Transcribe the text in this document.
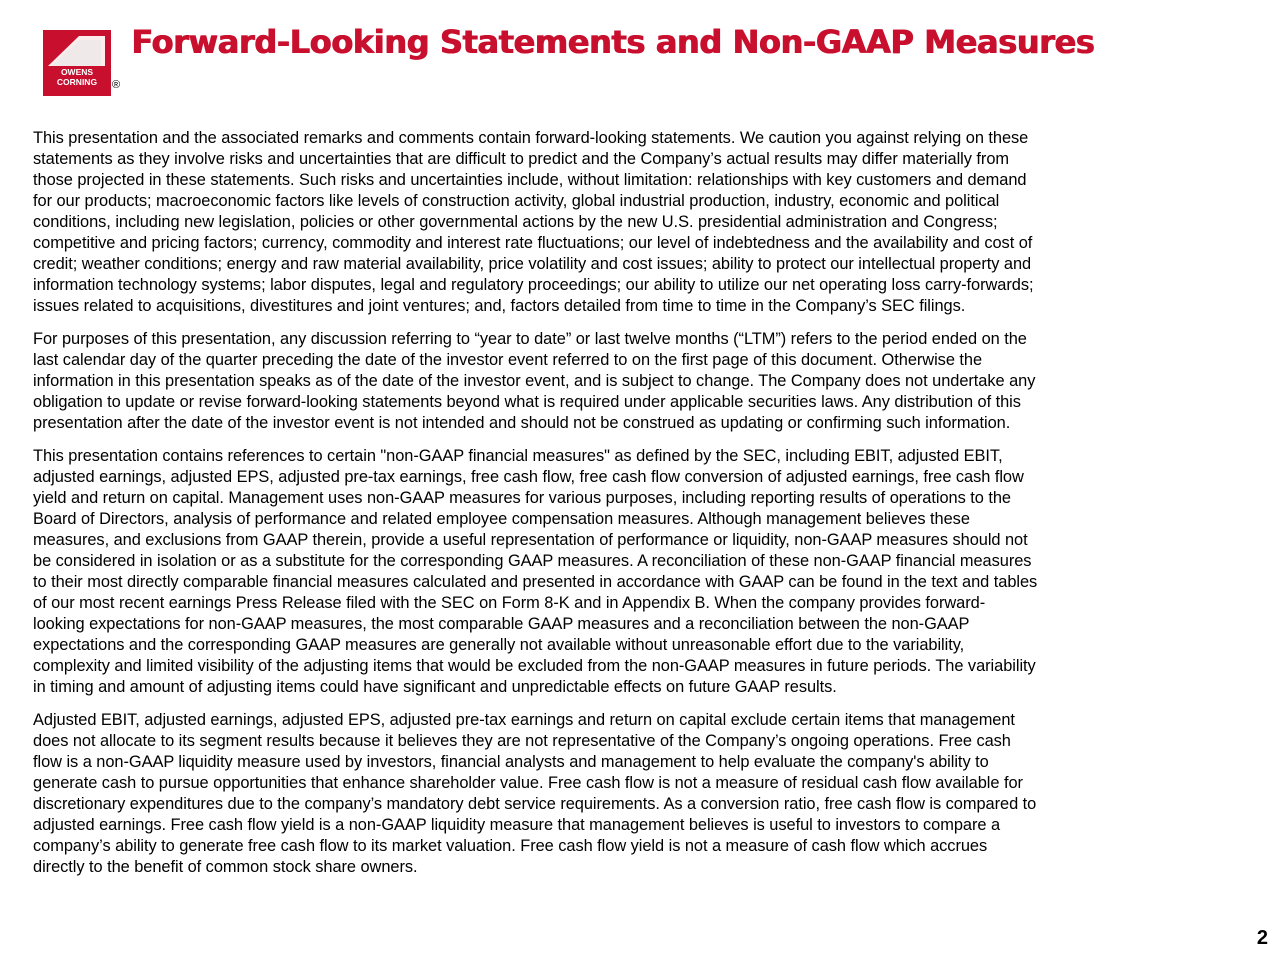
OWENS
CORNING ®
Forward-Looking Statements and Non-GAAP Measures
This presentation and the associated remarks and comments contain forward-looking statements. We caution you against relying on these
statements as they involve risks and uncertainties that are difficult to predict and the Company’s actual results may differ materially from
those projected in these statements. Such risks and uncertainties include, without limitation: relationships with key customers and demand
for our products; macroeconomic factors like levels of construction activity, global industrial production, industry, economic and political
conditions, including new legislation, policies or other governmental actions by the new U.S. presidential administration and Congress;
competitive and pricing factors; currency, commodity and interest rate fluctuations; our level of indebtedness and the availability and cost of
credit; weather conditions; energy and raw material availability, price volatility and cost issues; ability to protect our intellectual property and
information technology systems; labor disputes, legal and regulatory proceedings; our ability to utilize our net operating loss carry-forwards;
issues related to acquisitions, divestitures and joint ventures; and, factors detailed from time to time in the Company’s SEC filings.
For purposes of this presentation, any discussion referring to “year to date” or last twelve months (“LTM”) refers to the period ended on the
last calendar day of the quarter preceding the date of the investor event referred to on the first page of this document. Otherwise the
information in this presentation speaks as of the date of the investor event, and is subject to change. The Company does not undertake any
obligation to update or revise forward-looking statements beyond what is required under applicable securities laws. Any distribution of this
presentation after the date of the investor event is not intended and should not be construed as updating or confirming such information.
This presentation contains references to certain "non-GAAP financial measures" as defined by the SEC, including EBIT, adjusted EBIT,
adjusted earnings, adjusted EPS, adjusted pre-tax earnings, free cash flow, free cash flow conversion of adjusted earnings, free cash flow
yield and return on capital. Management uses non-GAAP measures for various purposes, including reporting results of operations to the
Board of Directors, analysis of performance and related employee compensation measures. Although management believes these
measures, and exclusions from GAAP therein, provide a useful representation of performance or liquidity, non-GAAP measures should not
be considered in isolation or as a substitute for the corresponding GAAP measures. A reconciliation of these non-GAAP financial measures
to their most directly comparable financial measures calculated and presented in accordance with GAAP can be found in the text and tables
of our most recent earnings Press Release filed with the SEC on Form 8-K and in Appendix B. When the company provides forward-
looking expectations for non-GAAP measures, the most comparable GAAP measures and a reconciliation between the non-GAAP
expectations and the corresponding GAAP measures are generally not available without unreasonable effort due to the variability,
complexity and limited visibility of the adjusting items that would be excluded from the non-GAAP measures in future periods. The variability
in timing and amount of adjusting items could have significant and unpredictable effects on future GAAP results.
Adjusted EBIT, adjusted earnings, adjusted EPS, adjusted pre-tax earnings and return on capital exclude certain items that management
does not allocate to its segment results because it believes they are not representative of the Company’s ongoing operations. Free cash
flow is a non-GAAP liquidity measure used by investors, financial analysts and management to help evaluate the company's ability to
generate cash to pursue opportunities that enhance shareholder value. Free cash flow is not a measure of residual cash flow available for
discretionary expenditures due to the company’s mandatory debt service requirements. As a conversion ratio, free cash flow is compared to
adjusted earnings. Free cash flow yield is a non-GAAP liquidity measure that management believes is useful to investors to compare a
company’s ability to generate free cash flow to its market valuation. Free cash flow yield is not a measure of cash flow which accrues
directly to the benefit of common stock share owners.
2
